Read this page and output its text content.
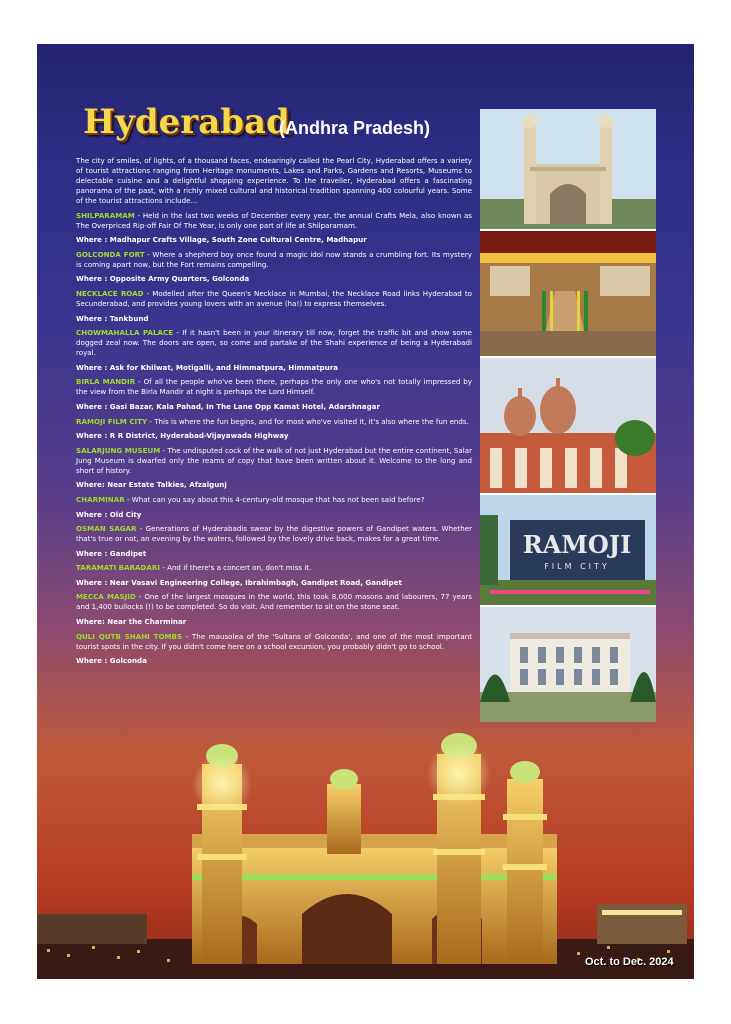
Hyderabad
(Andhra Pradesh)

The city of smiles, of lights, of a thousand faces, endearingly called the Pearl City, Hyderabad offers a variety of tourist attractions ranging from Heritage monuments, Lakes and Parks, Gardens and Resorts, Museums to delectable cuisine and a delightful shopping experience. To the traveller, Hyderabad offers a fascinating panorama of the past, with a richly mixed cultural and historical tradition spanning 400 colourful years. Some of the tourist attractions include...

SHILPARAMAM - Held in the last two weeks of December every year, the annual Crafts Mela, also known as The Overpriced Rip-off Fair Of The Year, is only one part of life at Shilparamam.

Where : Madhapur Crafts Village, South Zone Cultural Centre, Madhapur

GOLCONDA FORT - Where a shepherd boy once found a magic idol now stands a crumbling fort. Its mystery is coming apart now, but the Fort remains compelling.

Where : Opposite Army Quarters, Golconda

NECKLACE ROAD - Modelled after the Queen's Necklace in Mumbai, the Necklace Road links Hyderabad to Secunderabad, and provides young lovers with an avenue (ha!) to express themselves.

Where : Tankbund

CHOWMAHALLA PALACE - If it hasn't been in your itinerary till now, forget the traffic bit and show some dogged zeal now. The doors are open, so come and partake of the Shahi experience of being a Hyderabadi royal.

Where : Ask for Khilwat, Motigalli, and Himmatpura, Himmatpura

BIRLA MANDIR - Of all the people who've been there, perhaps the only one who's not totally impressed by the view from the Birla Mandir at night is perhaps the Lord Himself.

Where : Gasi Bazar, Kala Pahad, In The Lane Opp Kamat Hotel, Adarshnagar

RAMOJI FILM CITY - This is where the fun begins, and for most who've visited it, it's also where the fun ends.

Where : R R District, Hyderabad-Vijayawada Highway

SALARJUNG MUSEUM - The undisputed cock of the walk of not just Hyderabad but the entire continent, Salar Jung Museum is dwarfed only the reams of copy that have been written about it. Welcome to the long and short of history.

Where: Near Estate Talkies, Afzalgunj

CHARMINAR - What can you say about this 4-century-old mosque that has not been said before?

Where : Old City

OSMAN SAGAR - Generations of Hyderabadis swear by the digestive powers of Gandipet waters. Whether that's true or not, an evening by the waters, followed by the lovely drive back, makes for a great time.

Where : Gandipet

TARAMATI BARADARI - And if there's a concert on, don't miss it.

Where : Near Vasavi Engineering College, Ibrahimbagh, Gandipet Road, Gandipet

MECCA MASJID - One of the largest mosques in the world, this took 8,000 masons and labourers, 77 years and 1,400 bullocks (!) to be completed. So do visit. And remember to sit on the stone seat.

Where: Near the Charminar

QULI QUTB SHAHI TOMBS - The mausolea of the 'Sultans of Golconda', and one of the most important tourist spots in the city. If you didn't come here on a school excursion, you probably didn't go to school.

Where : Golconda

RAMOJI
FILM CITY
Oct. to Dec. 2024
